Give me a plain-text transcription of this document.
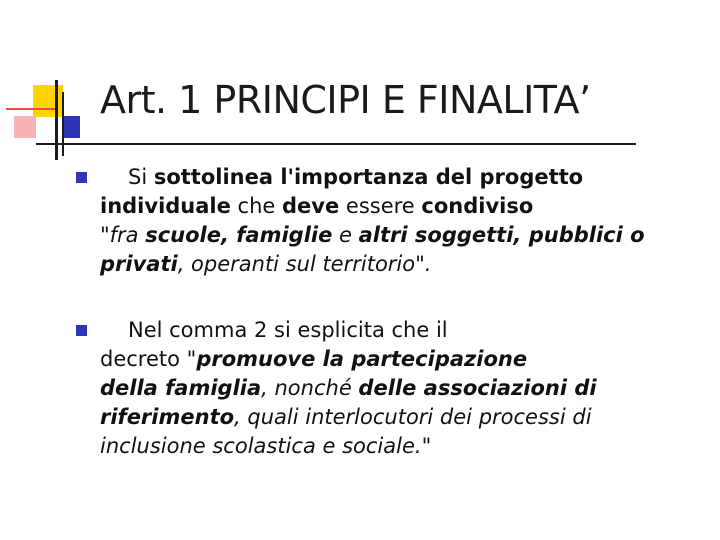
Art. 1 PRINCIPI E FINALITA’
Si sottolinea l'importanza del progetto
individuale che deve essere condiviso
"fra scuole, famiglie e altri soggetti, pubblici o
privati, operanti sul territorio".
Nel comma 2 si esplicita che il
decreto "promuove la partecipazione
della famiglia, nonché delle associazioni di
riferimento, quali interlocutori dei processi di
inclusione scolastica e sociale."
